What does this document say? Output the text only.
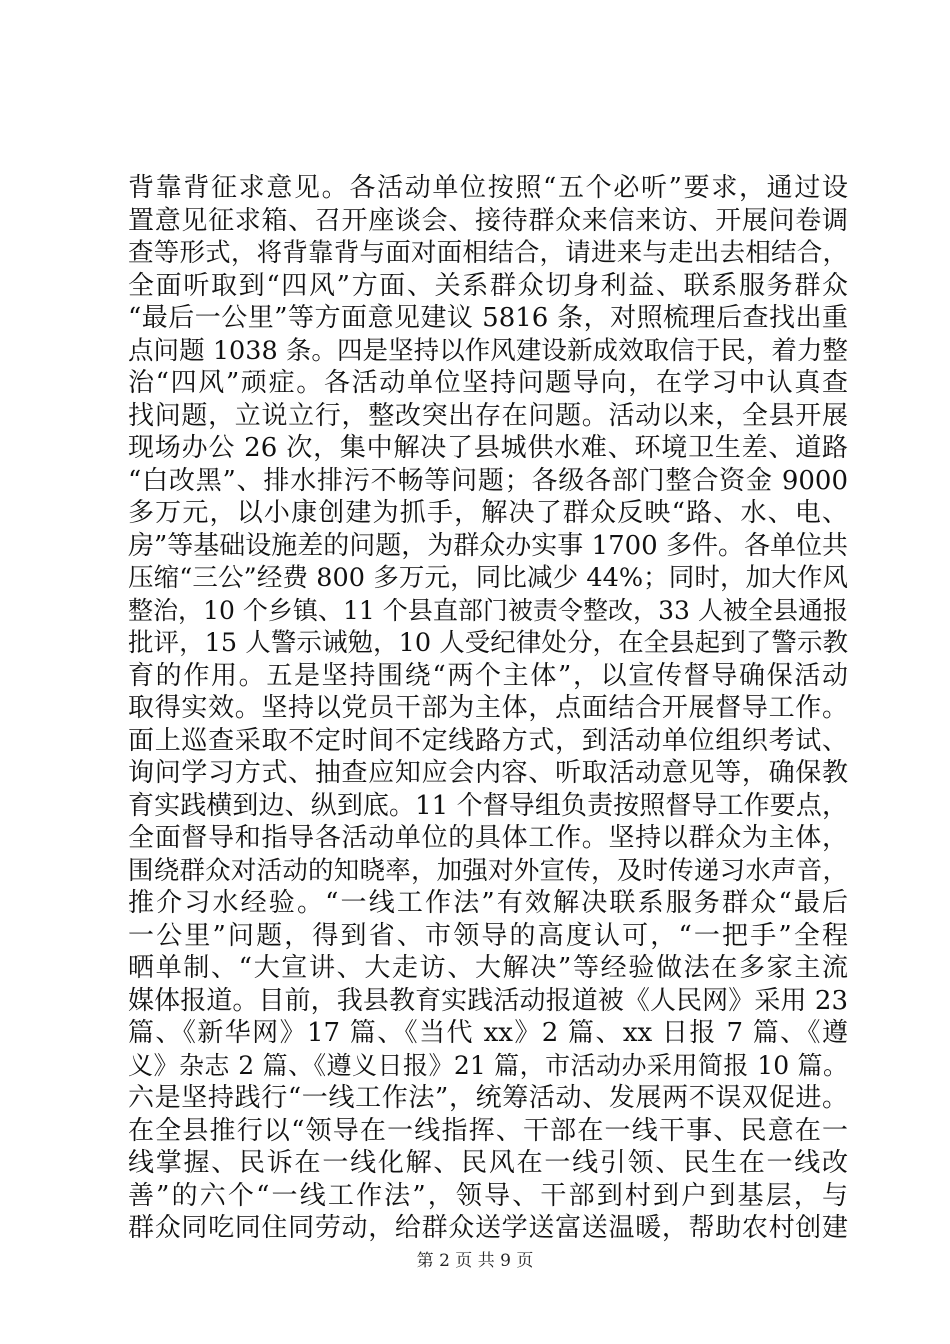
背靠背征求意见。各活动单位按照“五个必听”要求，通过设
置意见征求箱、召开座谈会、接待群众来信来访、开展问卷调
查等形式，将背靠背与面对面相结合，请进来与走出去相结合，
全面听取到“四风”方面、关系群众切身利益、联系服务群众
“最后一公里”等方面意见建议 5816 条，对照梳理后查找出重
点问题 1038 条。四是坚持以作风建设新成效取信于民，着力整
治“四风”顽症。各活动单位坚持问题导向，在学习中认真查
找问题，立说立行，整改突出存在问题。活动以来，全县开展
现场办公 26 次，集中解决了县城供水难、环境卫生差、道路
“白改黑”、排水排污不畅等问题；各级各部门整合资金 9000
多万元，以小康创建为抓手，解决了群众反映“路、水、电、
房”等基础设施差的问题，为群众办实事 1700 多件。各单位共
压缩“三公”经费 800 多万元，同比减少 44%；同时，加大作风
整治，10 个乡镇、11 个县直部门被责令整改，33 人被全县通报
批评，15 人警示诫勉，10 人受纪律处分，在全县起到了警示教
育的作用。五是坚持围绕“两个主体”，以宣传督导确保活动
取得实效。坚持以党员干部为主体，点面结合开展督导工作。
面上巡查采取不定时间不定线路方式，到活动单位组织考试、
询问学习方式、抽查应知应会内容、听取活动意见等，确保教
育实践横到边、纵到底。11 个督导组负责按照督导工作要点，
全面督导和指导各活动单位的具体工作。坚持以群众为主体，
围绕群众对活动的知晓率，加强对外宣传，及时传递习水声音，
推介习水经验。“一线工作法”有效解决联系服务群众“最后
一公里”问题，得到省、市领导的高度认可，“一把手”全程
晒单制、“大宣讲、大走访、大解决”等经验做法在多家主流
媒体报道。目前，我县教育实践活动报道被《人民网》采用 23
篇、《新华网》17 篇、《当代 xx》2 篇、xx 日报 7 篇、《遵
义》杂志 2 篇、《遵义日报》21 篇，市活动办采用简报 10 篇。
六是坚持践行“一线工作法”，统筹活动、发展两不误双促进。
在全县推行以“领导在一线指挥、干部在一线干事、民意在一
线掌握、民诉在一线化解、民风在一线引领、民生在一线改
善”的六个“一线工作法”，领导、干部到村到户到基层，与
群众同吃同住同劳动，给群众送学送富送温暖，帮助农村创建
第 2 页 共 9 页
